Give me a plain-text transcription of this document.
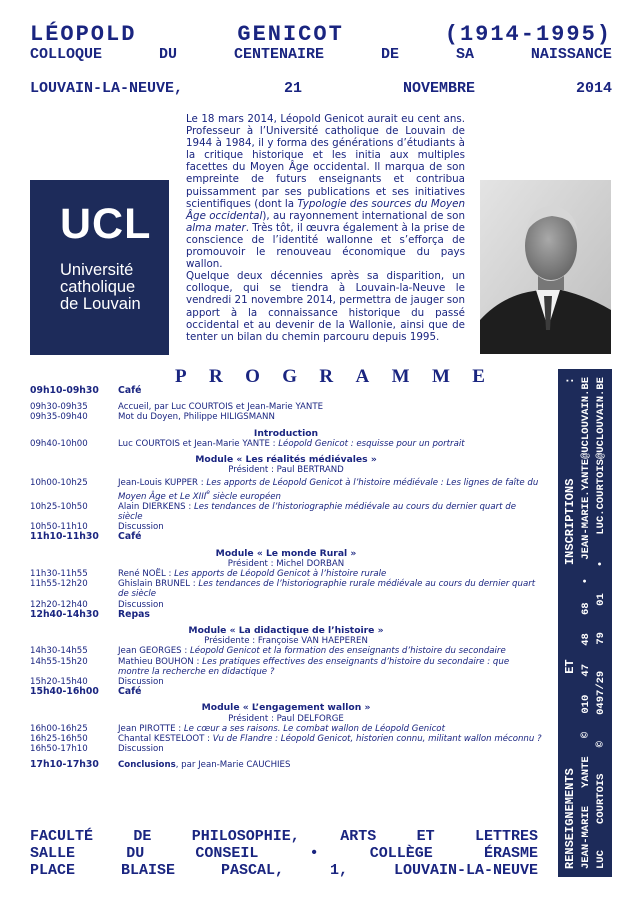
LÉOPOLD	GENICOT	(1914-1995)
COLLOQUE	DU	CENTENAIRE	DE	SA	NAISSANCE
LOUVAIN-LA-NEUVE,	21	NOVEMBRE	2014
UCL
Université
catholique
de Louvain

Le 18 mars 2014, Léopold Genicot aurait eu cent ans. Professeur à l’Université catholique de Louvain de 1944 à 1984, il y forma des générations d’étudiants à la critique historique et les initia aux multiples facettes du Moyen Âge occidental. Il marqua de son empreinte de futurs enseignants et contribua puissamment par ses publications et ses initiatives scientifiques (dont la Typologie des sources du Moyen Âge occidental), au rayonnement international de son alma mater. Très tôt, il œuvra également à la prise de conscience de l’identité wallonne et s’efforça de promouvoir le renouveau économique du pays wallon.

Quelque deux décennies après sa disparition, un colloque, qui se tiendra à Louvain-la-Neuve le vendredi 21 novembre 2014, permettra de jauger son apport à la connaissance historique du passé occidental et au devenir de la Wallonie, ainsi que de tenter un bilan du chemin parcouru depuis 1995.

P R O G R A M M E
09h10-09h30	Café
09h30-09h35	Accueil, par Luc COURTOIS et Jean-Marie YANTE
09h35-09h40	Mot du Doyen, Philippe HILIGSMANN
Introduction
09h40-10h00	Luc COURTOIS et Jean-Marie YANTE : Léopold Genicot : esquisse pour un portrait
Module « Les réalités médiévales »
Président : Paul BERTRAND
10h00-10h25	Jean-Louis KUPPER : Les apports de Léopold Genicot à l’histoire médiévale : Les lignes de faîte du Moyen Âge et Le XIIIe siècle européen
10h25-10h50	Alain DIERKENS : Les tendances de l’historiographie médiévale au cours du dernier quart de siècle
10h50-11h10	Discussion
11h10-11h30	Café
Module « Le monde Rural »
Président : Michel DORBAN
11h30-11h55	René NOËL : Les apports de Léopold Genicot à l’histoire rurale
11h55-12h20	Ghislain BRUNEL : Les tendances de l’historiographie rurale médiévale au cours du dernier quart de siècle
12h20-12h40	Discussion
12h40-14h30	Repas
Module « La didactique de l’histoire »
Présidente : Françoise VAN HAEPEREN
14h30-14h55	Jean GEORGES : Léopold Genicot et la formation des enseignants d’histoire du secondaire
14h55-15h20	Mathieu BOUHON : Les pratiques effectives des enseignants d’histoire du secondaire : que montre la recherche en didactique ?
15h20-15h40	Discussion
15h40-16h00	Café
Module « L’engagement wallon »
Président : Paul DELFORGE
16h00-16h25	Jean PIROTTE : Le cœur a ses raisons. Le combat wallon de Léopold Genicot
16h25-16h50	Chantal KESTELOOT : Vu de Flandre : Léopold Genicot, historien connu, militant wallon méconnu ?
16h50-17h10	Discussion
17h10-17h30	Conclusions, par Jean-Marie CAUCHIES
RENSEIGNEMENTS
ET
INSCRIPTIONS
:
JEAN-MARIE
YANTE
©
010
47
48
68
•
JEAN-MARIE.YANTE@UCLOUVAIN.BE
LUC
COURTOIS
©
0497/29
79
01
•
LUC.COURTOIS@UCLOUVAIN.BE
FACULTÉ	DE	PHILOSOPHIE,	ARTS	ET	LETTRES
SALLE	DU	CONSEIL	•	COLLÈGE	ÉRASME
PLACE	BLAISE	PASCAL,	1,	LOUVAIN-LA-NEUVE
